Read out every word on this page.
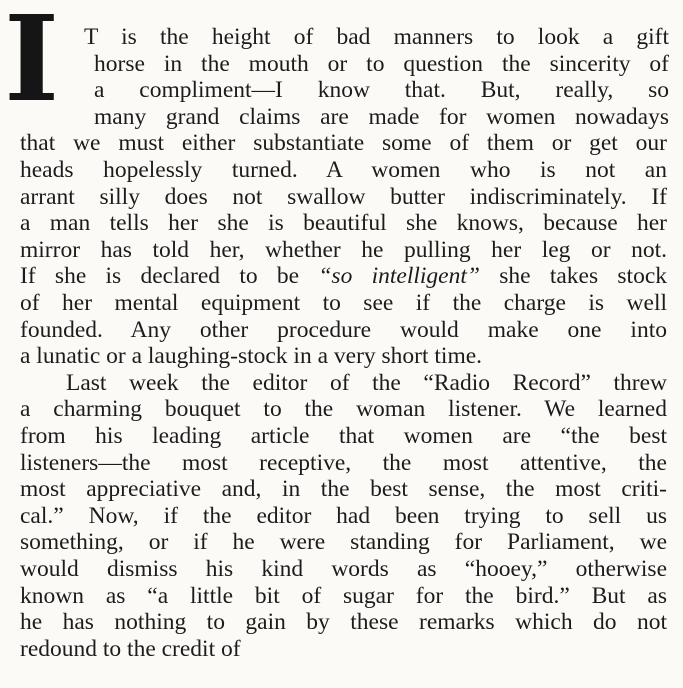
I T is the height of bad manners to look a gift
horse in the mouth or to question the sincerity of
a compliment—I know that. But, really, so
many grand claims are made for women nowadays
that we must either substantiate some of them or get our
heads hopelessly turned. A women who is not an
arrant silly does not swallow butter indiscriminately. If
a man tells her she is beautiful she knows, because her
mirror has told her, whether he pulling her leg or not.
If she is declared to be “so intelligent” she takes stock
of her mental equipment to see if the charge is well
founded. Any other procedure would make one into
a lunatic or a laughing-stock in a very short time.
Last week the editor of the “Radio Record” threw
a charming bouquet to the woman listener. We learned
from his leading article that women are “the best
listeners—the most receptive, the most attentive, the
most appreciative and, in the best sense, the most criti-
cal.” Now, if the editor had been trying to sell us
something, or if he were standing for Parliament, we
would dismiss his kind words as “hooey,” otherwise
known as “a little bit of sugar for the bird.” But as
he has nothing to gain by these remarks which do not
redound to the credit of
